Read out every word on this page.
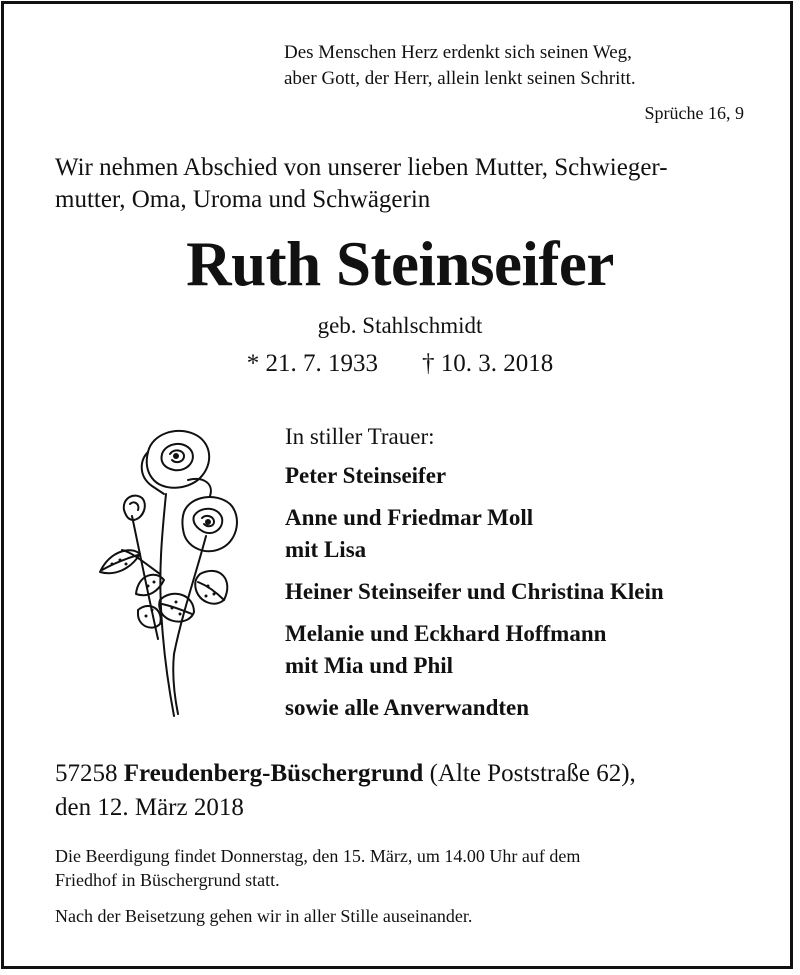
Des Menschen Herz erdenkt sich seinen Weg,
aber Gott, der Herr, allein lenkt seinen Schritt.
Sprüche 16, 9
Wir nehmen Abschied von unserer lieben Mutter, Schwieger-
mutter, Oma, Uroma und Schwägerin
Ruth Steinseifer
geb. Stahlschmidt
* 21. 7. 1933 † 10. 3. 2018
In stiller Trauer:
Peter Steinseifer
Anne und Friedmar Moll
mit Lisa
Heiner Steinseifer und Christina Klein
Melanie und Eckhard Hoffmann
mit Mia und Phil
sowie alle Anverwandten
57258 Freudenberg-Büschergrund (Alte Poststraße 62),
den 12. März 2018
Die Beerdigung findet Donnerstag, den 15. März, um 14.00 Uhr auf dem
Friedhof in Büschergrund statt.
Nach der Beisetzung gehen wir in aller Stille auseinander.
